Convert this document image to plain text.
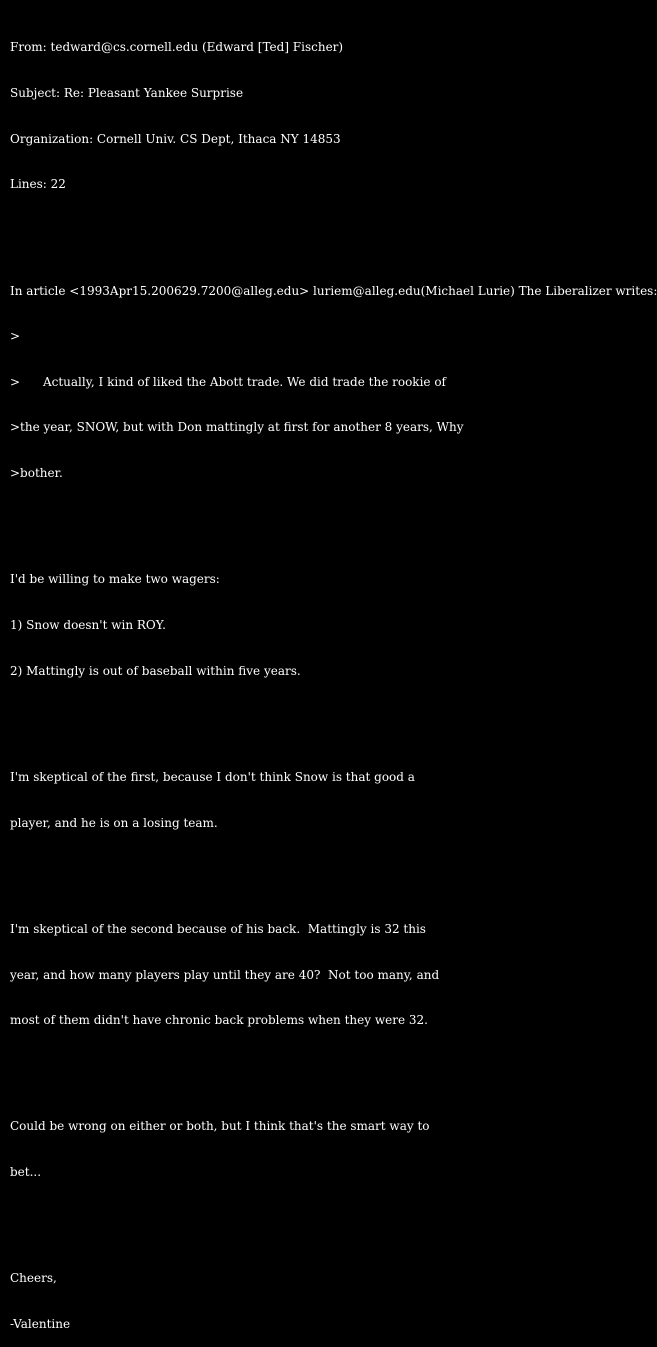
From: tedward@cs.cornell.edu (Edward [Ted] Fischer)

Subject: Re: Pleasant Yankee Surprise

Organization: Cornell Univ. CS Dept, Ithaca NY 14853

Lines: 22

In article <1993Apr15.200629.7200@alleg.edu> luriem@alleg.edu(Michael Lurie) The Liberalizer writes:

>

>      Actually, I kind of liked the Abott trade. We did trade the rookie of

>the year, SNOW, but with Don mattingly at first for another 8 years, Why

>bother.

I'd be willing to make two wagers:

1) Snow doesn't win ROY.

2) Mattingly is out of baseball within five years.

I'm skeptical of the first, because I don't think Snow is that good a

player, and he is on a losing team.

I'm skeptical of the second because of his back.  Mattingly is 32 this

year, and how many players play until they are 40?  Not too many, and

most of them didn't have chronic back problems when they were 32.

Could be wrong on either or both, but I think that's the smart way to

bet...

Cheers,

-Valentine
